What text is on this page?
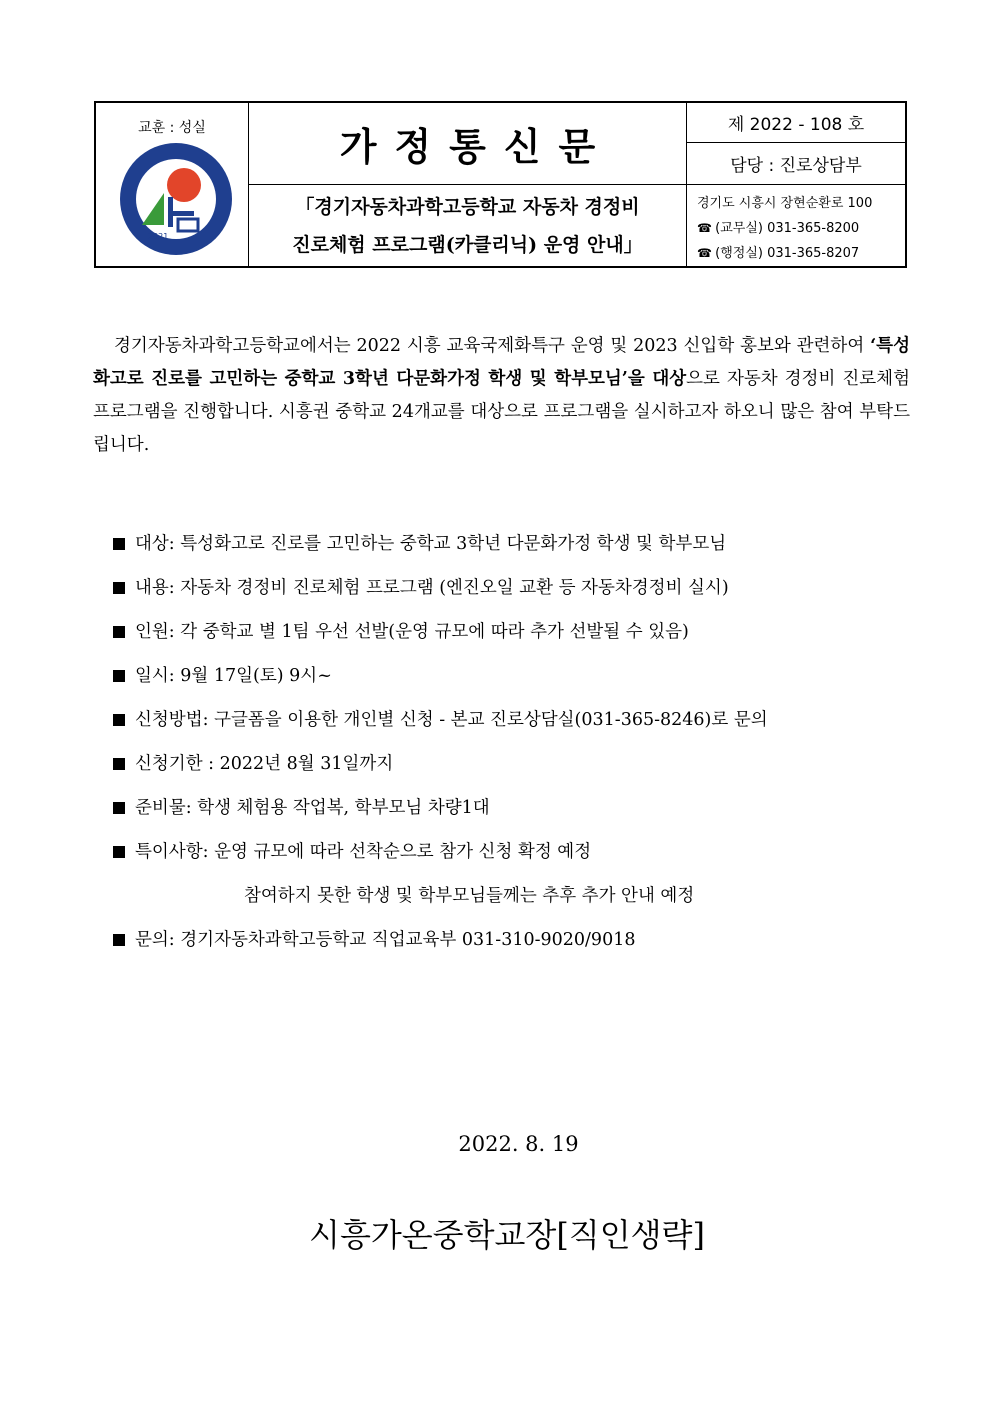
교훈 : 성실
2021
가정통신문
「경기자동차과학고등학교 자동차 경정비
진로체험 프로그램(카클리닉) 운영 안내」
제 2022 - 108 호
담당 : 진로상담부
경기도 시흥시 장현순환로 100
☎ (교무실) 031-365-8200
☎ (행정실) 031-365-8207

경기자동차과학고등학교에서는 2022 시흥 교육국제화특구 운영 및 2023 신입학 홍보와 관련하여 ‘특성화고로 진로를 고민하는 중학교 3학년 다문화가정 학생 및 학부모님’을 대상으로 자동차 경정비 진로체험 프로그램을 진행합니다. 시흥권 중학교 24개교를 대상으로 프로그램을 실시하고자 하오니 많은 참여 부탁드립니다.

대상: 특성화고로 진로를 고민하는 중학교 3학년 다문화가정 학생 및 학부모님
내용: 자동차 경정비 진로체험 프로그램 (엔진오일 교환 등 자동차경정비 실시)
인원: 각 중학교 별 1팀 우선 선발(운영 규모에 따라 추가 선발될 수 있음)
일시: 9월 17일(토) 9시~
신청방법: 구글폼을 이용한 개인별 신청 - 본교 진로상담실(031-365-8246)로 문의
신청기한 : 2022년 8월 31일까지
준비물: 학생 체험용 작업복, 학부모님 차량1대
특이사항: 운영 규모에 따라 선착순으로 참가 신청 확정 예정
참여하지 못한 학생 및 학부모님들께는 추후 추가 안내 예정
문의: 경기자동차과학고등학교 직업교육부 031-310-9020/9018
2022. 8. 19
시흥가온중학교장[직인생략]
